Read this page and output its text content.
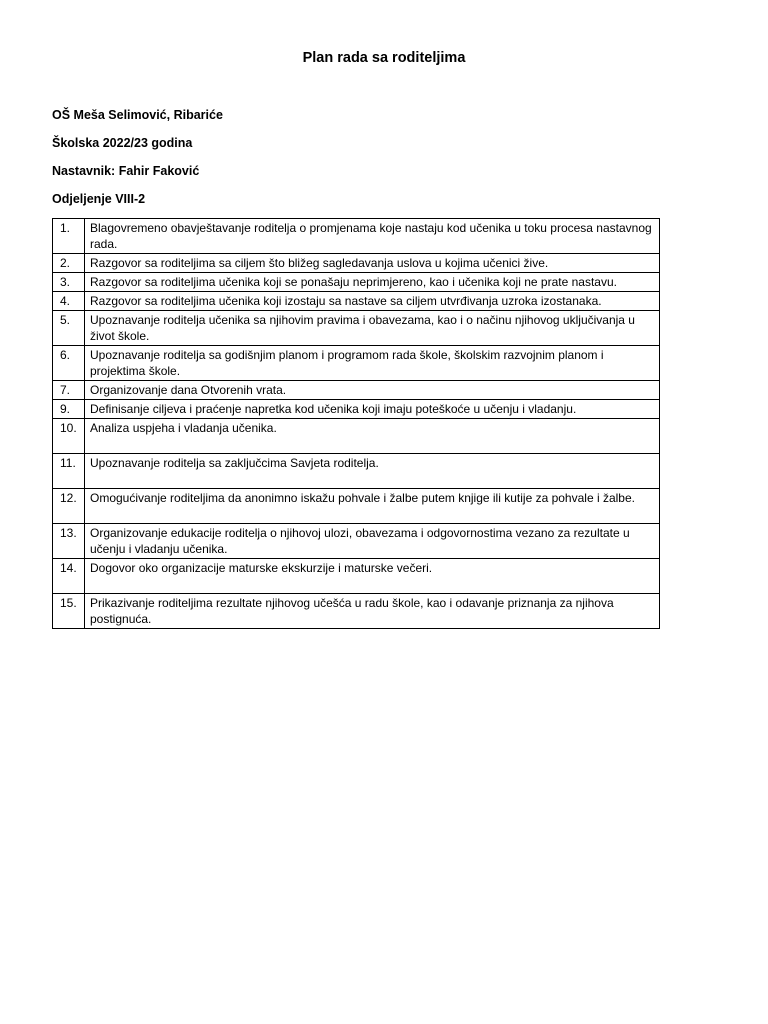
Plan rada sa roditeljima
OŠ Meša Selimović, Ribariće
Školska 2022/23 godina
Nastavnik: Fahir Faković
Odjeljenje VIII-2
1.	Blagovremeno obavještavanje roditelja o promjenama koje nastaju kod učenika u toku procesa nastavnog rada.
2.	Razgovor sa roditeljima sa ciljem što bližeg sagledavanja uslova u kojima učenici žive.
3.	Razgovor sa roditeljima učenika koji se ponašaju neprimjereno, kao i učenika koji ne prate nastavu.
4.	Razgovor sa roditeljima učenika koji izostaju sa nastave sa ciljem utvrđivanja uzroka izostanaka.
5.	Upoznavanje roditelja učenika sa njihovim pravima i obavezama, kao i o načinu njihovog uključivanja u život škole.
6.	Upoznavanje roditelja sa godišnjim planom i programom rada škole, školskim razvojnim planom i projektima škole.
7.	Organizovanje dana Otvorenih vrata.
9.	Definisanje ciljeva i praćenje napretka kod učenika koji imaju poteškoće u učenju i vladanju.
10.	Analiza uspjeha i vladanja učenika.
11.	Upoznavanje roditelja sa zaključcima Savjeta roditelja.
12.	Omogućivanje roditeljima da anonimno iskažu pohvale i žalbe putem knjige ili kutije za pohvale i žalbe.
13.	Organizovanje edukacije roditelja o njihovoj ulozi, obavezama i odgovornostima vezano za rezultate u učenju i vladanju učenika.
14.	Dogovor oko organizacije maturske ekskurzije i maturske večeri.
15.	Prikazivanje roditeljima rezultate njihovog učešća u radu škole, kao i odavanje priznanja za njihova postignuća.
